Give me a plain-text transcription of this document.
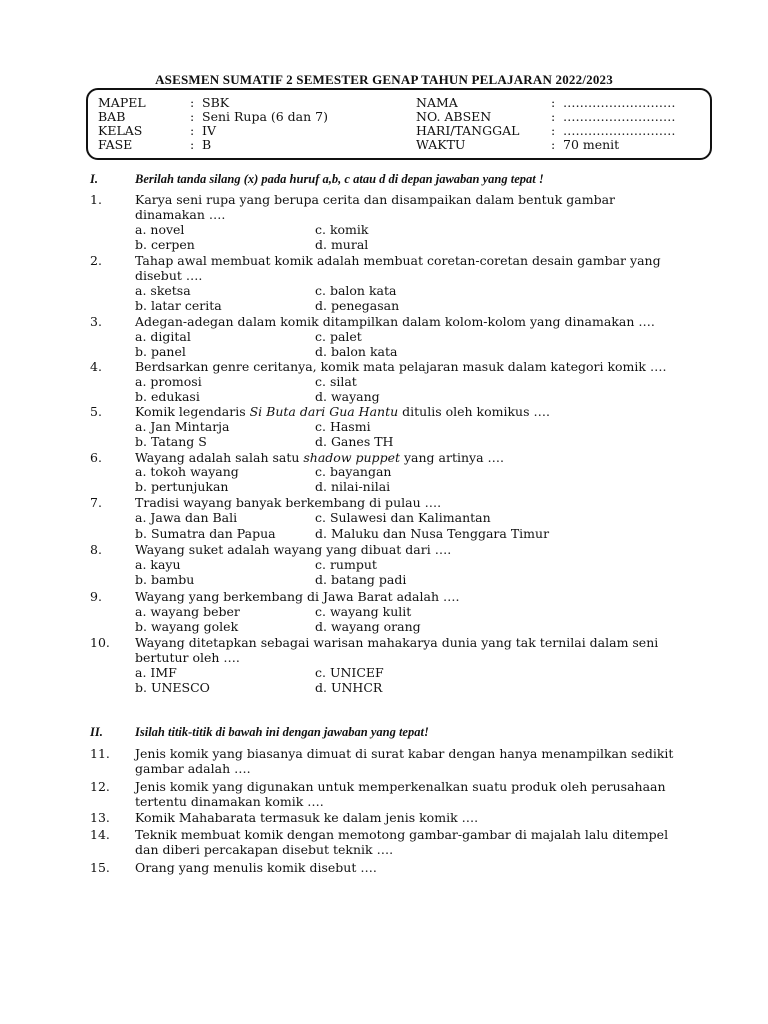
ASESMEN SUMATIF 2 SEMESTER GENAP TAHUN PELAJARAN 2022/2023
MAPEL	: SBK	NAMA	: ………………………
BAB	: Seni Rupa (6 dan 7)	NO. ABSEN	: ………………………
KELAS	: IV	HARI/TANGGAL	: ………………………
FASE	: B	WAKTU	: 70 menit
I.	Berilah tanda silang (x) pada huruf a,b, c atau d di depan jawaban yang tepat !
1.	Karya seni rupa yang berupa cerita dan disampaikan dalam bentuk gambar dinamakan ….
a. novel	c. komik
b. cerpen	d. mural
2.	Tahap awal membuat komik adalah membuat coretan-coretan desain gambar yang disebut ….
a. sketsa	c. balon kata
b. latar cerita	d. penegasan
3.	Adegan-adegan dalam komik ditampilkan dalam kolom-kolom yang dinamakan ….
a. digital	c. palet
b. panel	d. balon kata
4.	Berdsarkan genre ceritanya, komik mata pelajaran masuk dalam kategori komik ….
a. promosi	c. silat
b. edukasi	d. wayang
5.	Komik legendaris Si Buta dari Gua Hantu ditulis oleh komikus ….
a. Jan Mintarja	c. Hasmi
b. Tatang S	d. Ganes TH
6.	Wayang adalah salah satu shadow puppet yang artinya ….
a. tokoh wayang	c. bayangan
b. pertunjukan	d. nilai-nilai
7.	Tradisi wayang banyak berkembang di pulau ….
a. Jawa dan Bali	c. Sulawesi dan Kalimantan
b. Sumatra dan Papua	d. Maluku dan Nusa Tenggara Timur
8.	Wayang suket adalah wayang yang dibuat dari ….
a. kayu	c. rumput
b. bambu	d. batang padi
9.	Wayang yang berkembang di Jawa Barat adalah ….
a. wayang beber	c. wayang kulit
b. wayang golek	d. wayang orang
10. Wayang ditetapkan sebagai warisan mahakarya dunia yang tak ternilai dalam seni bertutur oleh ….
a. IMF	c. UNICEF
b. UNESCO	d. UNHCR
II.	Isilah titik-titik di bawah ini dengan jawaban yang tepat!
11. Jenis komik yang biasanya dimuat di surat kabar dengan hanya menampilkan sedikit gambar adalah ….
12. Jenis komik yang digunakan untuk memperkenalkan suatu produk oleh perusahaan tertentu dinamakan komik ….
13. Komik Mahabarata termasuk ke dalam jenis komik ….
14. Teknik membuat komik dengan memotong gambar-gambar di majalah lalu ditempel dan diberi percakapan disebut teknik ….
15. Orang yang menulis komik disebut ….
